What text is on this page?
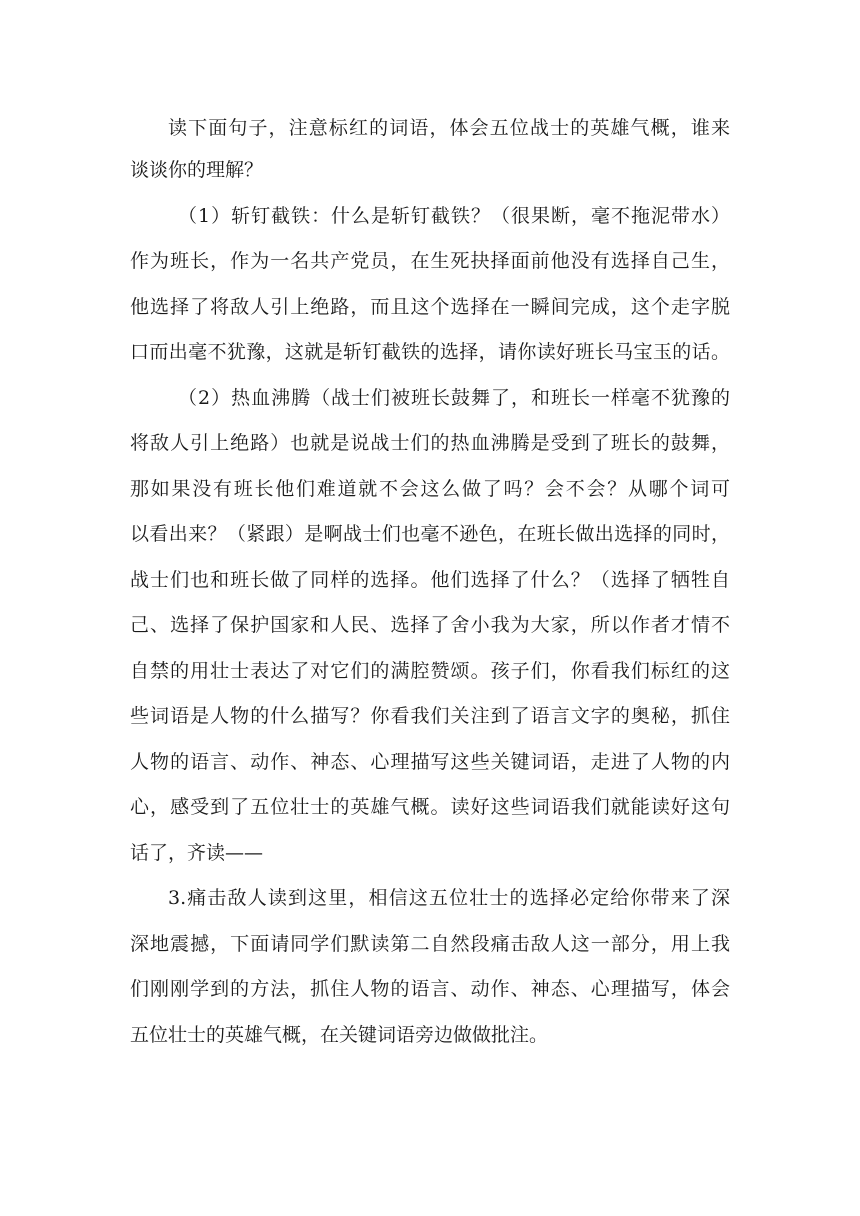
读下面句子，注意标红的词语，体会五位战士的英雄气概，谁来
谈谈你的理解？
（1）斩钉截铁：什么是斩钉截铁？（很果断，毫不拖泥带水）
作为班长，作为一名共产党员，在生死抉择面前他没有选择自己生，
他选择了将敌人引上绝路，而且这个选择在一瞬间完成，这个走字脱
口而出毫不犹豫，这就是斩钉截铁的选择，请你读好班长马宝玉的话。
（2）热血沸腾（战士们被班长鼓舞了，和班长一样毫不犹豫的
将敌人引上绝路）也就是说战士们的热血沸腾是受到了班长的鼓舞，
那如果没有班长他们难道就不会这么做了吗？会不会？从哪个词可
以看出来？（紧跟）是啊战士们也毫不逊色，在班长做出选择的同时，
战士们也和班长做了同样的选择。他们选择了什么？（选择了牺牲自
己、选择了保护国家和人民、选择了舍小我为大家，所以作者才情不
自禁的用壮士表达了对它们的满腔赞颂。孩子们，你看我们标红的这
些词语是人物的什么描写？你看我们关注到了语言文字的奥秘，抓住
人物的语言、动作、神态、心理描写这些关键词语，走进了人物的内
心，感受到了五位壮士的英雄气概。读好这些词语我们就能读好这句
话了，齐读——
3.痛击敌人读到这里，相信这五位壮士的选择必定给你带来了深
深地震撼，下面请同学们默读第二自然段痛击敌人这一部分，用上我
们刚刚学到的方法，抓住人物的语言、动作、神态、心理描写，体会
五位壮士的英雄气概，在关键词语旁边做做批注。
